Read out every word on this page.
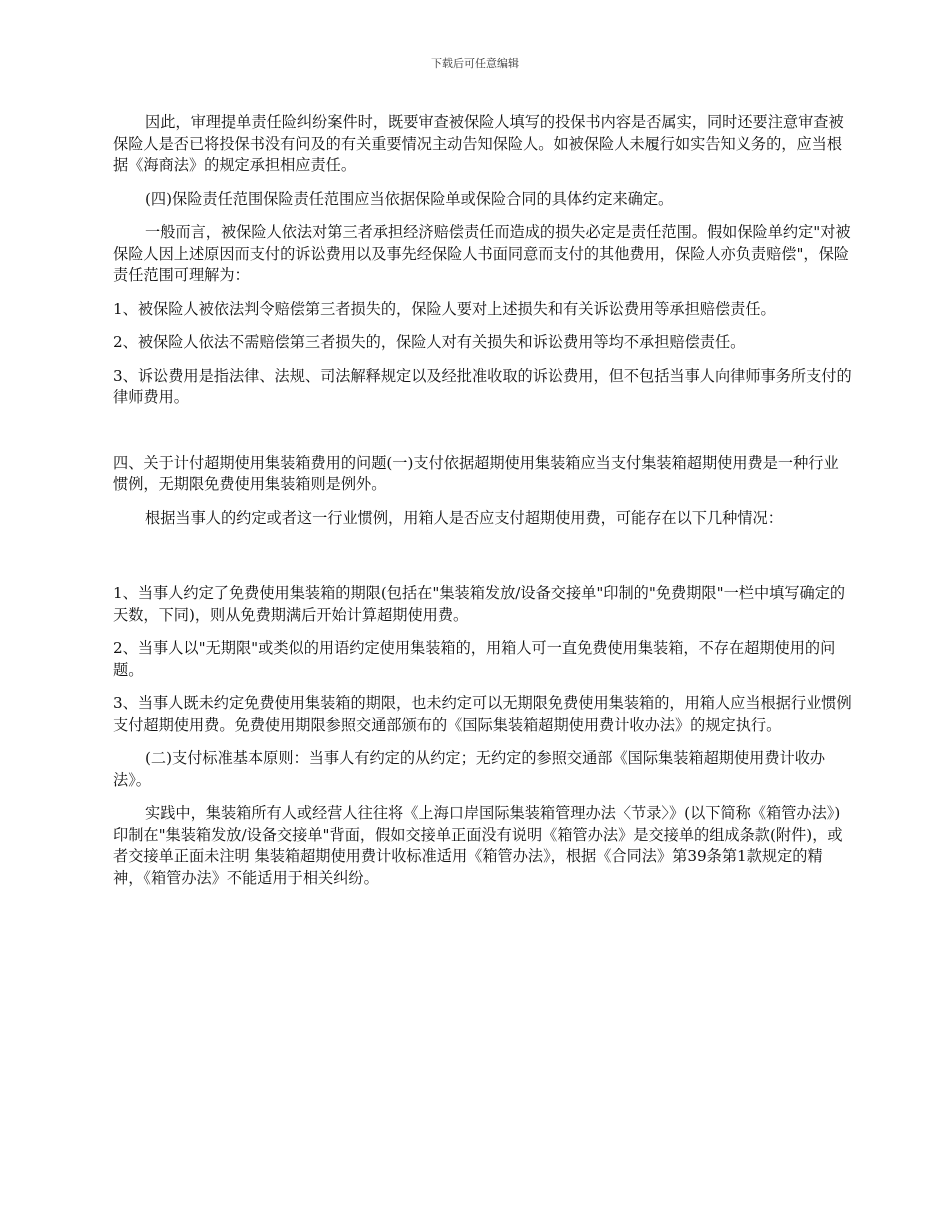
下载后可任意编辑

因此，审理提单责任险纠纷案件时，既要审查被保险人填写的投保书内容是否属实，同时还要注意审查被保险人是否已将投保书没有问及的有关重要情况主动告知保险人。如被保险人未履行如实告知义务的，应当根据《海商法》的规定承担相应责任。

(四)保险责任范围保险责任范围应当依据保险单或保险合同的具体约定来确定。

一般而言，被保险人依法对第三者承担经济赔偿责任而造成的损失必定是责任范围。假如保险单约定"对被保险人因上述原因而支付的诉讼费用以及事先经保险人书面同意而支付的其他费用，保险人亦负责赔偿"，保险责任范围可理解为：

1、被保险人被依法判令赔偿第三者损失的，保险人要对上述损失和有关诉讼费用等承担赔偿责任。

2、被保险人依法不需赔偿第三者损失的，保险人对有关损失和诉讼费用等均不承担赔偿责任。

3、诉讼费用是指法律、法规、司法解释规定以及经批准收取的诉讼费用，但不包括当事人向律师事务所支付的律师费用。

四、关于计付超期使用集装箱费用的问题(一)支付依据超期使用集装箱应当支付集装箱超期使用费是一种行业惯例，无期限免费使用集装箱则是例外。

根据当事人的约定或者这一行业惯例，用箱人是否应支付超期使用费，可能存在以下几种情况：

1、当事人约定了免费使用集装箱的期限(包括在"集装箱发放/设备交接单"印制的"免费期限"一栏中填写确定的天数，下同)，则从免费期满后开始计算超期使用费。

2、当事人以"无期限"或类似的用语约定使用集装箱的，用箱人可一直免费使用集装箱，不存在超期使用的问题。

3、当事人既未约定免费使用集装箱的期限，也未约定可以无期限免费使用集装箱的，用箱人应当根据行业惯例支付超期使用费。免费使用期限参照交通部颁布的《国际集装箱超期使用费计收办法》的规定执行。

(二)支付标准基本原则：当事人有约定的从约定；无约定的参照交通部《国际集装箱超期使用费计收办法》。

实践中，集装箱所有人或经营人往往将《上海口岸国际集装箱管理办法〈节录〉》(以下简称《箱管办法》)印制在"集装箱发放/设备交接单"背面，假如交接单正面没有说明《箱管办法》是交接单的组成条款(附件)，或者交接单正面未注明 集装箱超期使用费计收标准适用《箱管办法》，根据《合同法》第39条第1款规定的精神，《箱管办法》不能适用于相关纠纷。
